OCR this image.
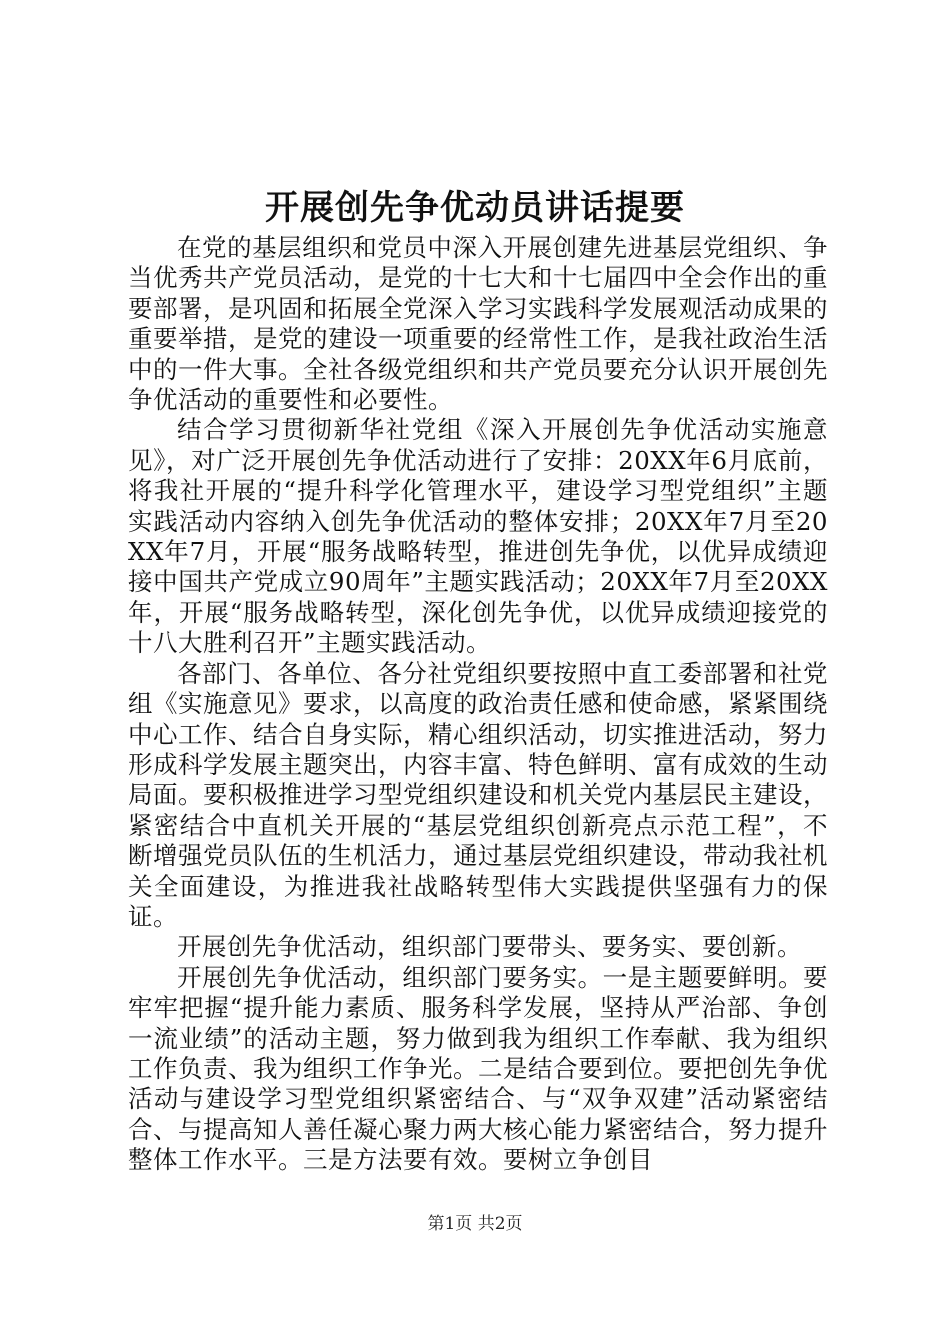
开展创先争优动员讲话提要

在党的基层组织和党员中深入开展创建先进基层党组织、争当优秀共产党员活动，是党的十七大和十七届四中全会作出的重要部署，是巩固和拓展全党深入学习实践科学发展观活动成果的重要举措，是党的建设一项重要的经常性工作，是我社政治生活中的一件大事。全社各级党组织和共产党员要充分认识开展创先争优活动的重要性和必要性。

结合学习贯彻新华社党组《深入开展创先争优活动实施意见》，对广泛开展创先争优活动进行了安排：20XX年6月底前，将我社开展的“提升科学化管理水平，建设学习型党组织”主题实践活动内容纳入创先争优活动的整体安排；20XX年7月至20XX年7月，开展“服务战略转型，推进创先争优，以优异成绩迎接中国共产党成立90周年”主题实践活动；20XX年7月至20XX年，开展“服务战略转型，深化创先争优，以优异成绩迎接党的十八大胜利召开”主题实践活动。

各部门、各单位、各分社党组织要按照中直工委部署和社党组《实施意见》要求，以高度的政治责任感和使命感，紧紧围绕中心工作、结合自身实际，精心组织活动，切实推进活动，努力形成科学发展主题突出，内容丰富、特色鲜明、富有成效的生动局面。要积极推进学习型党组织建设和机关党内基层民主建设，紧密结合中直机关开展的“基层党组织创新亮点示范工程”，不断增强党员队伍的生机活力，通过基层党组织建设，带动我社机关全面建设，为推进我社战略转型伟大实践提供坚强有力的保证。

开展创先争优活动，组织部门要带头、要务实、要创新。

开展创先争优活动，组织部门要务实。一是主题要鲜明。要牢牢把握“提升能力素质、服务科学发展，坚持从严治部、争创一流业绩”的活动主题，努力做到我为组织工作奉献、我为组织工作负责、我为组织工作争光。二是结合要到位。要把创先争优活动与建设学习型党组织紧密结合、与“双争双建”活动紧密结合、与提高知人善任凝心聚力两大核心能力紧密结合，努力提升整体工作水平。三是方法要有效。要树立争创目

第1页 共2页
